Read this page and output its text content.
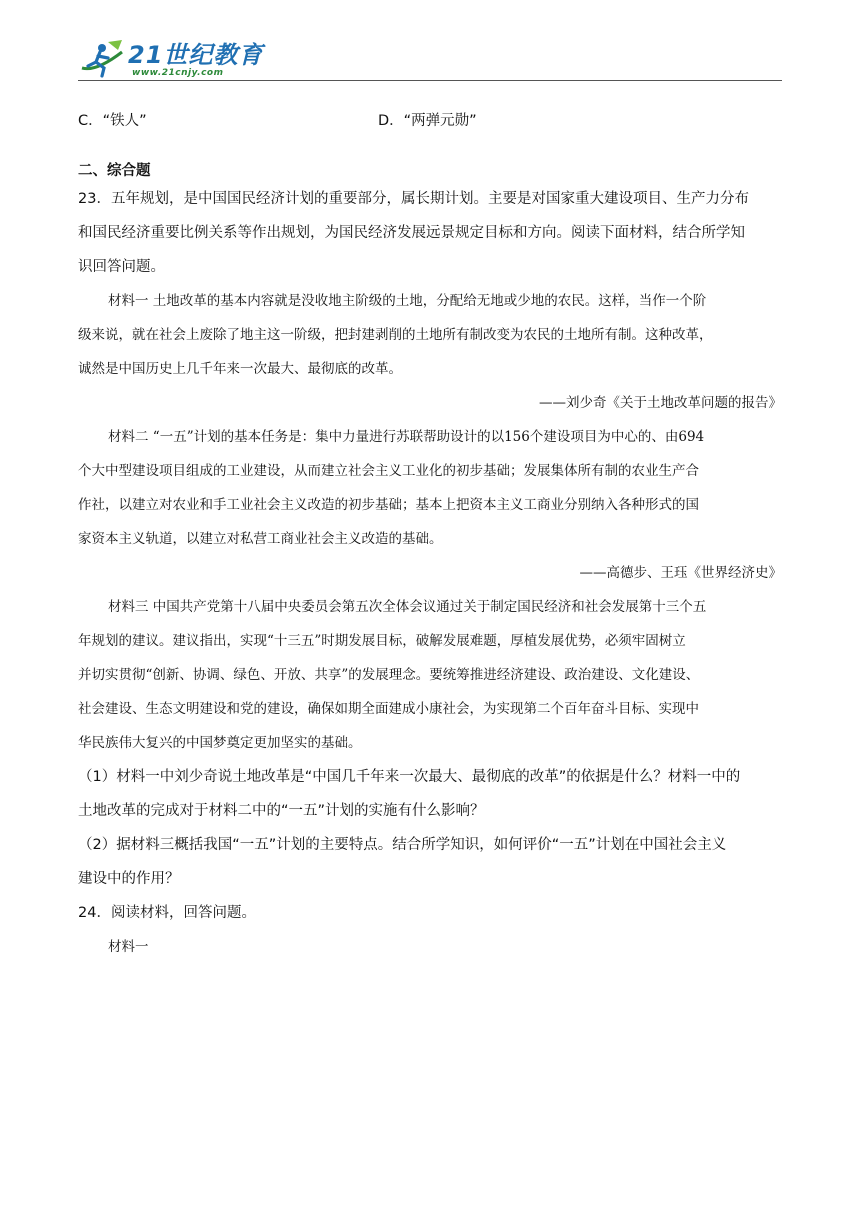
21世纪教育
www.21cnjy.com
C．“铁人”	D．“两弹元勋”
二、综合题
23．五年规划，是中国国民经济计划的重要部分，属长期计划。主要是对国家重大建设项目、生产力分布
和国民经济重要比例关系等作出规划，为国民经济发展远景规定目标和方向。阅读下面材料，结合所学知
识回答问题。
材料一 土地改革的基本内容就是没收地主阶级的土地，分配给无地或少地的农民。这样，当作一个阶
级来说，就在社会上废除了地主这一阶级，把封建剥削的土地所有制改变为农民的土地所有制。这种改革，
诚然是中国历史上几千年来一次最大、最彻底的改革。
——刘少奇《关于土地改革问题的报告》
材料二 “一五”计划的基本任务是：集中力量进行苏联帮助设计的以156个建设项目为中心的、由694
个大中型建设项目组成的工业建设，从而建立社会主义工业化的初步基础；发展集体所有制的农业生产合
作社，以建立对农业和手工业社会主义改造的初步基础；基本上把资本主义工商业分别纳入各种形式的国
家资本主义轨道，以建立对私营工商业社会主义改造的基础。
——高德步、王珏《世界经济史》
材料三 中国共产党第十八届中央委员会第五次全体会议通过关于制定国民经济和社会发展第十三个五
年规划的建议。建议指出，实现“十三五”时期发展目标，破解发展难题，厚植发展优势，必须牢固树立
并切实贯彻“创新、协调、绿色、开放、共享”的发展理念。要统筹推进经济建设、政治建设、文化建设、
社会建设、生态文明建设和党的建设，确保如期全面建成小康社会，为实现第二个百年奋斗目标、实现中
华民族伟大复兴的中国梦奠定更加坚实的基础。
（1）材料一中刘少奇说土地改革是“中国几千年来一次最大、最彻底的改革”的依据是什么？材料一中的
土地改革的完成对于材料二中的“一五”计划的实施有什么影响？
（2）据材料三概括我国“一五”计划的主要特点。结合所学知识，如何评价“一五”计划在中国社会主义
建设中的作用？
24．阅读材料，回答问题。
材料一
